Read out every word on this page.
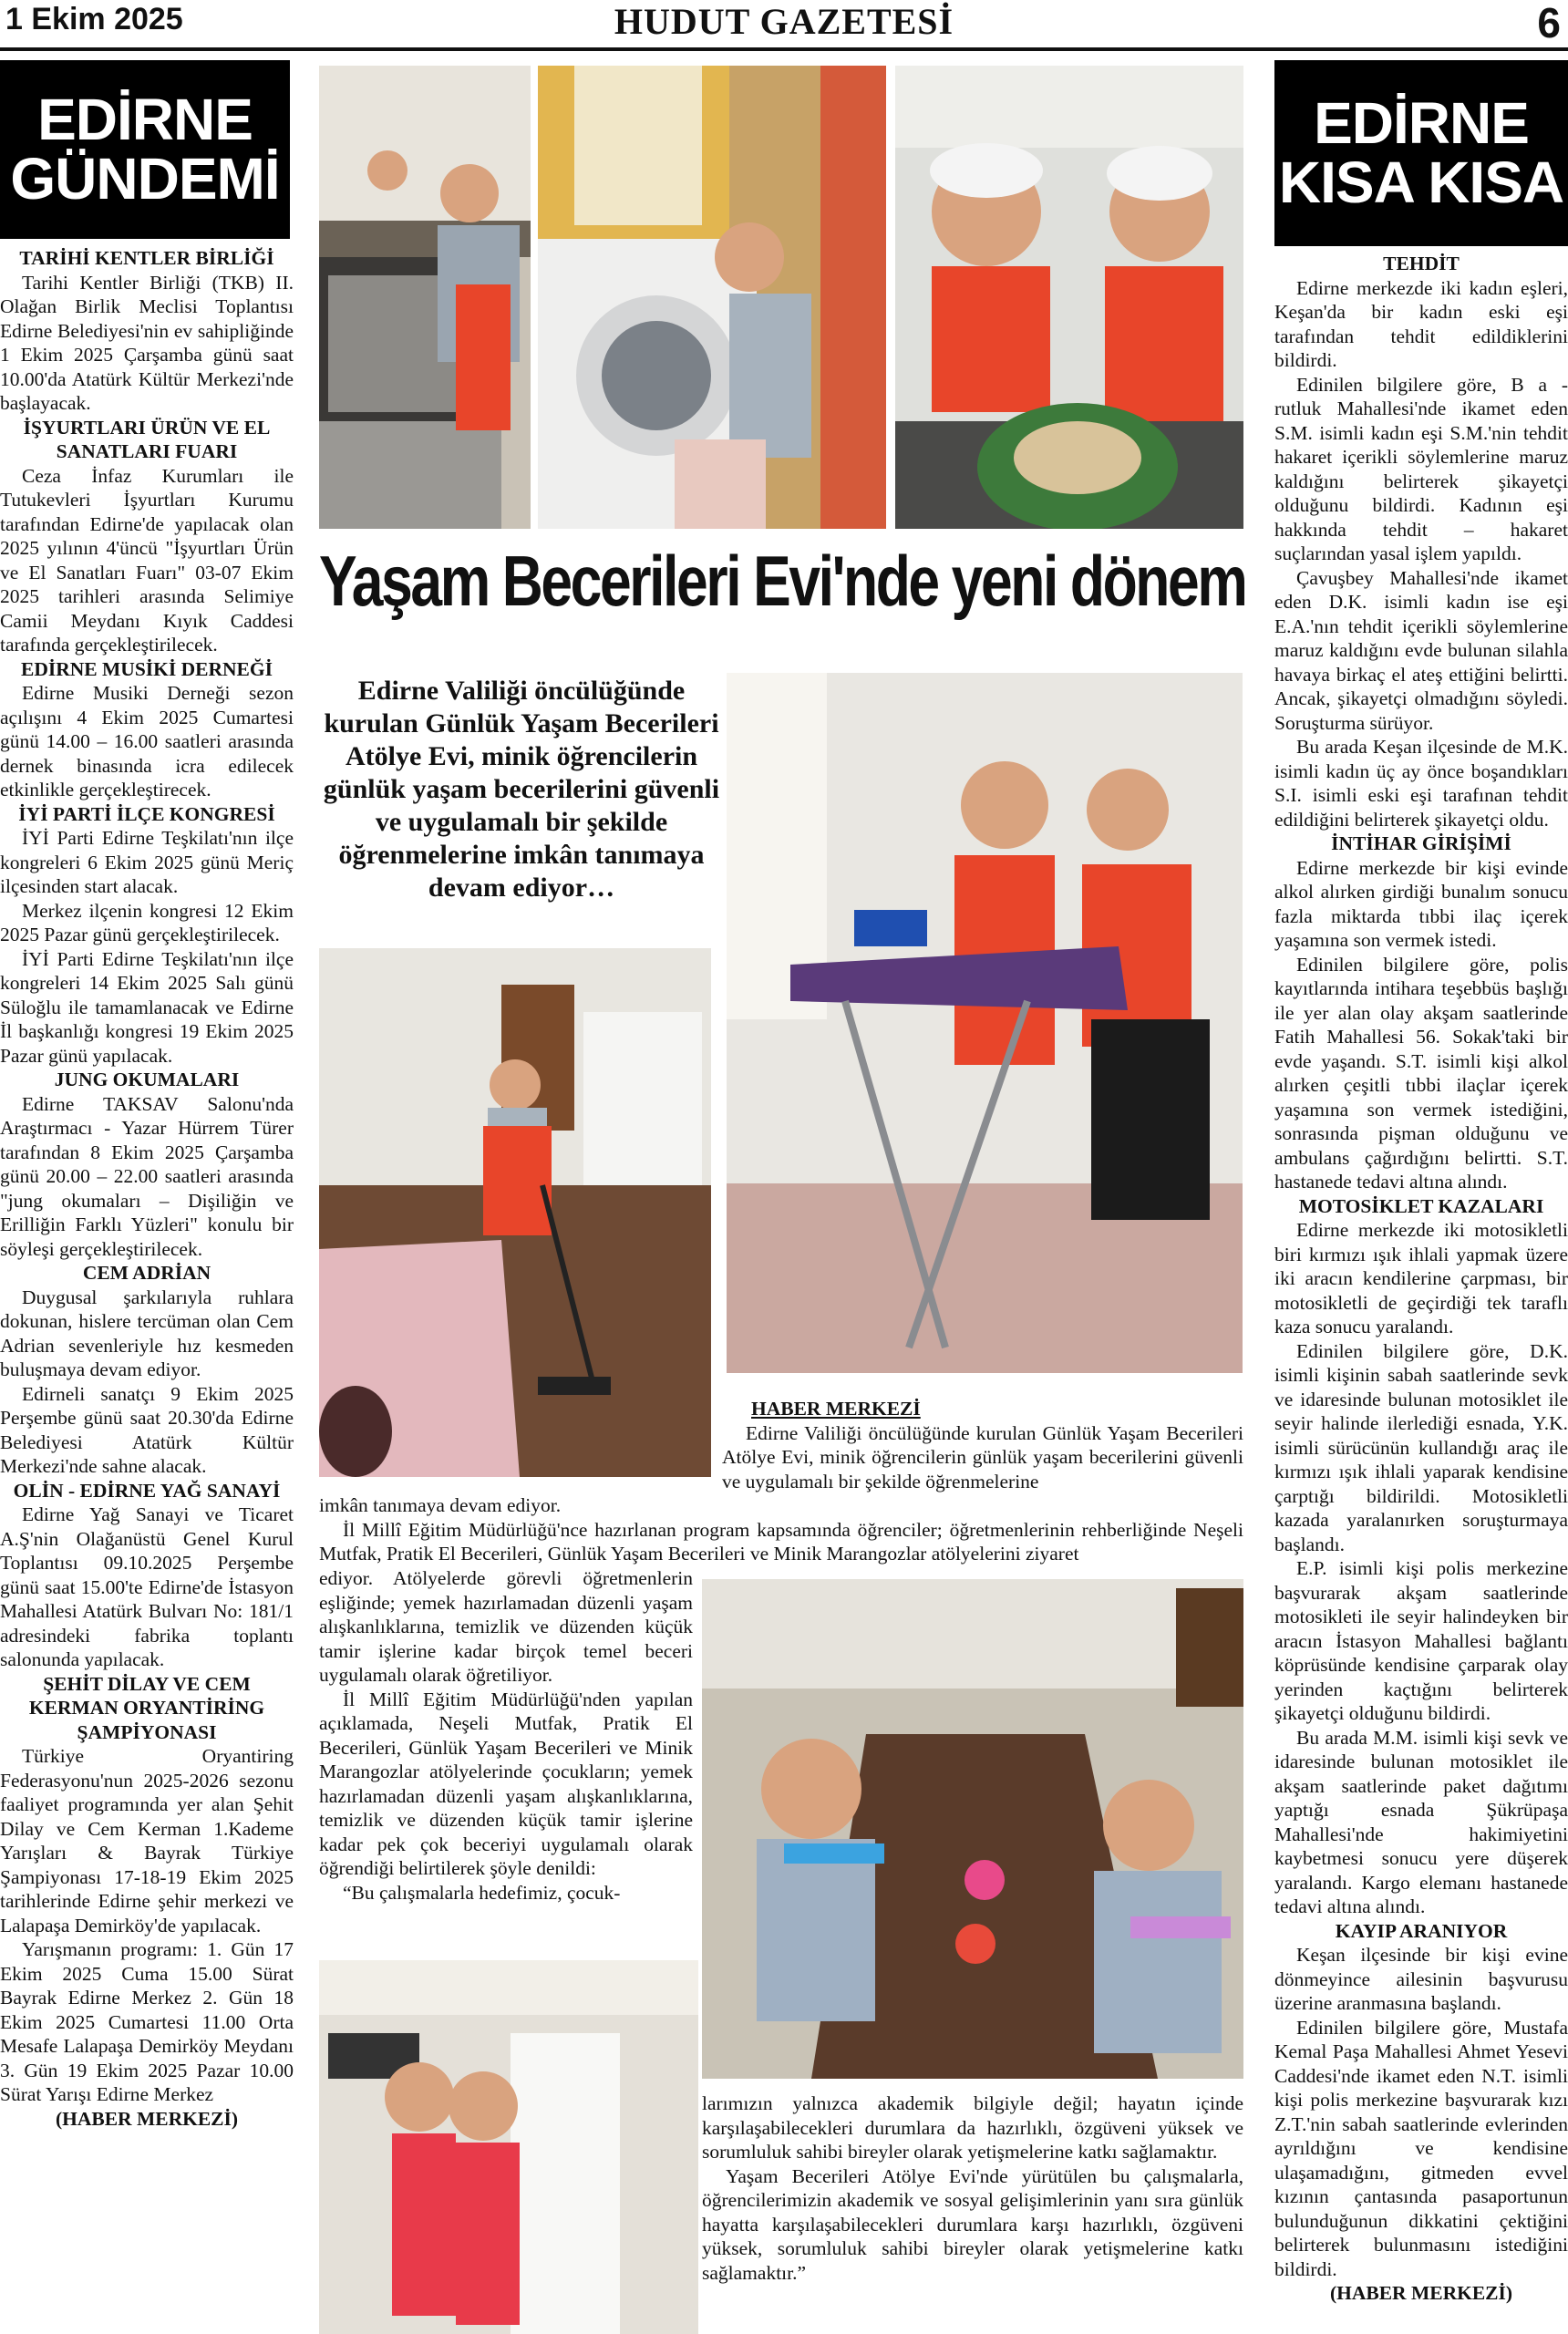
1 Ekim 2025	HUDUT GAZETESİ	6
EDİRNE
GÜNDEMİ
EDİRNE
KISA KISA
TARİHİ KENTLER BİRLİĞİ

Tarihi Kentler Birliği (TKB) II. Olağan Birlik Meclisi Toplantısı Edirne Belediyesi'nin ev sahipliğinde 1 Ekim 2025 Çarşamba günü saat 10.00'da Atatürk Kültür Merkezi'nde başlayacak.

İŞYURTLARI ÜRÜN VE EL SANATLARI FUARI

Ceza İnfaz Kurumları ile Tutukevleri İşyurtları Kurumu tarafından Edirne'de yapılacak olan 2025 yılının 4'üncü "İşyurtları Ürün ve El Sanatları Fuarı" 03-07 Ekim 2025 tarihleri arasında Selimiye Camii Meydanı Kıyık Caddesi tarafında gerçekleştirilecek.

EDİRNE MUSİKİ DERNEĞİ

Edirne Musiki Derneği sezon açılışını 4 Ekim 2025 Cumartesi günü 14.00 – 16.00 saatleri arasında dernek binasında icra edilecek etkinlikle gerçekleştirecek.

İYİ PARTİ İLÇE KONGRESİ

İYİ Parti Edirne Teşkilatı'nın ilçe kongreleri 6 Ekim 2025 günü Meriç ilçesinden start alacak.

Merkez ilçenin kongresi 12 Ekim 2025 Pazar günü gerçekleştirilecek.

İYİ Parti Edirne Teşkilatı'nın ilçe kongreleri 14 Ekim 2025 Salı günü Süloğlu ile tamamlanacak ve Edirne İl başkanlığı kongresi 19 Ekim 2025 Pazar günü yapılacak.

JUNG OKUMALARI

Edirne TAKSAV Salonu'nda Araştırmacı - Yazar Hürrem Türer tarafından 8 Ekim 2025 Çarşamba günü 20.00 – 22.00 saatleri arasında "jung okumaları – Dişiliğin ve Erilliğin Farklı Yüzleri" konulu bir söyleşi gerçekleştirilecek.

CEM ADRİAN

Duygusal şarkılarıyla ruhlara dokunan, hislere tercüman olan Cem Adrian sevenleriyle hız kesmeden buluşmaya devam ediyor.

Edirneli sanatçı 9 Ekim 2025 Perşembe günü saat 20.30'da Edirne Belediyesi Atatürk Kültür Merkezi'nde sahne alacak.

OLİN - EDİRNE YAĞ SANAYİ

Edirne Yağ Sanayi ve Ticaret A.Ş'nin Olağanüstü Genel Kurul Toplantısı 09.10.2025 Perşembe günü saat 15.00'te Edirne'de İstasyon Mahallesi Atatürk Bulvarı No: 181/1 adresindeki fabrika toplantı salonunda yapılacak.

ŞEHİT DİLAY VE CEM KERMAN ORYANTİRİNG ŞAMPİYONASI

Türkiye Oryantiring Federasyonu'nun 2025-2026 sezonu faaliyet programında yer alan Şehit Dilay ve Cem Kerman 1.Kademe Yarışları & Bayrak Türkiye Şampiyonası 17-18-19 Ekim 2025 tarihlerinde Edirne şehir merkezi ve Lalapaşa Demirköy'de yapılacak.

Yarışmanın programı: 1. Gün 17 Ekim 2025 Cuma 15.00 Sürat Bayrak Edirne Merkez 2. Gün 18 Ekim 2025 Cumartesi 11.00 Orta Mesafe Lalapaşa Demirköy Meydanı 3. Gün 19 Ekim 2025 Pazar 10.00 Sürat Yarışı Edirne Merkez

(HABER MERKEZİ)
TEHDİT

Edirne merkezde iki kadın eşleri, Keşan'da bir kadın eski eşi tarafından tehdit edildiklerini bildirdi.

Edinilen bilgilere göre, B a - rutluk Mahallesi'nde ikamet eden S.M. isimli kadın eşi S.M.'nin tehdit hakaret içerikli söylemlerine maruz kaldığını belirterek şikayetçi olduğunu bildirdi. Kadının eşi hakkında tehdit – hakaret suçlarından yasal işlem yapıldı.

Çavuşbey Mahallesi'nde ikamet eden D.K. isimli kadın ise eşi E.A.'nın tehdit içerikli söylemlerine maruz kaldığını evde bulunan silahla havaya birkaç el ateş ettiğini belirtti. Ancak, şikayetçi olmadığını söyledi. Soruşturma sürüyor.

Bu arada Keşan ilçesinde de M.K. isimli kadın üç ay önce boşandıkları S.I. isimli eski eşi tarafınan tehdit edildiğini belirterek şikayetçi oldu.

İNTİHAR GİRİŞİMİ

Edirne merkezde bir kişi evinde alkol alırken girdiği bunalım sonucu fazla miktarda tıbbi ilaç içerek yaşamına son vermek istedi.

Edinilen bilgilere göre, polis kayıtlarında intihara teşebbüs başlığı ile yer alan olay akşam saatlerinde Fatih Mahallesi 56. Sokak'taki bir evde yaşandı. S.T. isimli kişi alkol alırken çeşitli tıbbi ilaçlar içerek yaşamına son vermek istediğini, sonrasında pişman olduğunu ve ambulans çağırdığını belirtti. S.T. hastanede tedavi altına alındı.

MOTOSİKLET KAZALARI

Edirne merkezde iki motosikletli biri kırmızı ışık ihlali yapmak üzere iki aracın kendilerine çarpması, bir motosikletli de geçirdiği tek taraflı kaza sonucu yaralandı.

Edinilen bilgilere göre, D.K. isimli kişinin sabah saatlerinde sevk ve idaresinde bulunan motosiklet ile seyir halinde ilerlediği esnada, Y.K. isimli sürücünün kullandığı araç ile kırmızı ışık ihlali yaparak kendisine çarptığı bildirildi. Motosikletli kazada yaralanırken soruşturmaya başlandı.

E.P. isimli kişi polis merkezine başvurarak akşam saatlerinde motosikleti ile seyir halindeyken bir aracın İstasyon Mahallesi bağlantı köprüsünde kendisine çarparak olay yerinden kaçtığını belirterek şikayetçi olduğunu bildirdi.

Bu arada M.M. isimli kişi sevk ve idaresinde bulunan motosiklet ile akşam saatlerinde paket dağıtımı yaptığı esnada Şükrüpaşa Mahallesi'nde hakimiyetini kaybetmesi sonucu yere düşerek yaralandı. Kargo elemanı hastanede tedavi altına alındı.

KAYIP ARANIYOR

Keşan ilçesinde bir kişi evine dönmeyince ailesinin başvurusu üzerine aranmasına başlandı.

Edinilen bilgilere göre, Mustafa Kemal Paşa Mahallesi Ahmet Yesevi Caddesi'nde ikamet eden N.T. isimli kişi polis merkezine başvurarak kızı Z.T.'nin sabah saatlerinde evlerinden ayrıldığını ve kendisine ulaşamadığını, gitmeden evvel kızının çantasında pasaportunun bulunduğunun dikkatini çektiğini belirterek bulunmasını istediğini bildirdi.

(HABER MERKEZİ)
Yaşam Becerileri Evi'nde yeni dönem
Edirne Valiliği öncülüğünde kurulan Günlük Yaşam Becerileri Atölye Evi, minik öğrencilerin günlük yaşam becerilerini güvenli ve uygulamalı bir şekilde öğrenmelerine imkân tanımaya devam ediyor…

HABER MERKEZİ

Edirne Valiliği öncülüğünde kurulan Günlük Yaşam Becerileri Atölye Evi, minik öğrencilerin günlük yaşam becerilerini güvenli ve uygulamalı bir şekilde öğrenmelerine

imkân tanımaya devam ediyor.

İl Millî Eğitim Müdürlüğü'nce hazırlanan program kapsamında öğrenciler; öğretmenlerinin rehberliğinde Neşeli Mutfak, Pratik El Becerileri, Günlük Yaşam Becerileri ve Minik Marangozlar atölyelerini ziyaret

ediyor. Atölyelerde görevli öğretmenlerin eşliğinde; yemek hazırlamadan düzenli yaşam alışkanlıklarına, temizlik ve düzenden küçük tamir işlerine kadar birçok temel beceri uygulamalı olarak öğretiliyor.

İl Millî Eğitim Müdürlüğü'nden yapılan açıklamada, Neşeli Mutfak, Pratik El Becerileri, Günlük Yaşam Becerileri ve Minik Marangozlar atölyelerinde çocukların; yemek hazırlamadan düzenli yaşam alışkanlıklarına, temizlik ve düzenden küçük tamir işlerine kadar pek çok beceriyi uygulamalı olarak öğrendiği belirtilerek şöyle denildi:

“Bu çalışmalarla hedefimiz, çocuk-

larımızın yalnızca akademik bilgiyle değil; hayatın içinde karşılaşabilecekleri durumlara da hazırlıklı, özgüveni yüksek ve sorumluluk sahibi bireyler olarak yetişmelerine katkı sağlamaktır.

Yaşam Becerileri Atölye Evi'nde yürütülen bu çalışmalarla, öğrencilerimizin akademik ve sosyal gelişimlerinin yanı sıra günlük hayatta karşılaşabilecekleri durumlara karşı hazırlıklı, özgüveni yüksek, sorumluluk sahibi bireyler olarak yetişmelerine katkı sağlamaktır.”
